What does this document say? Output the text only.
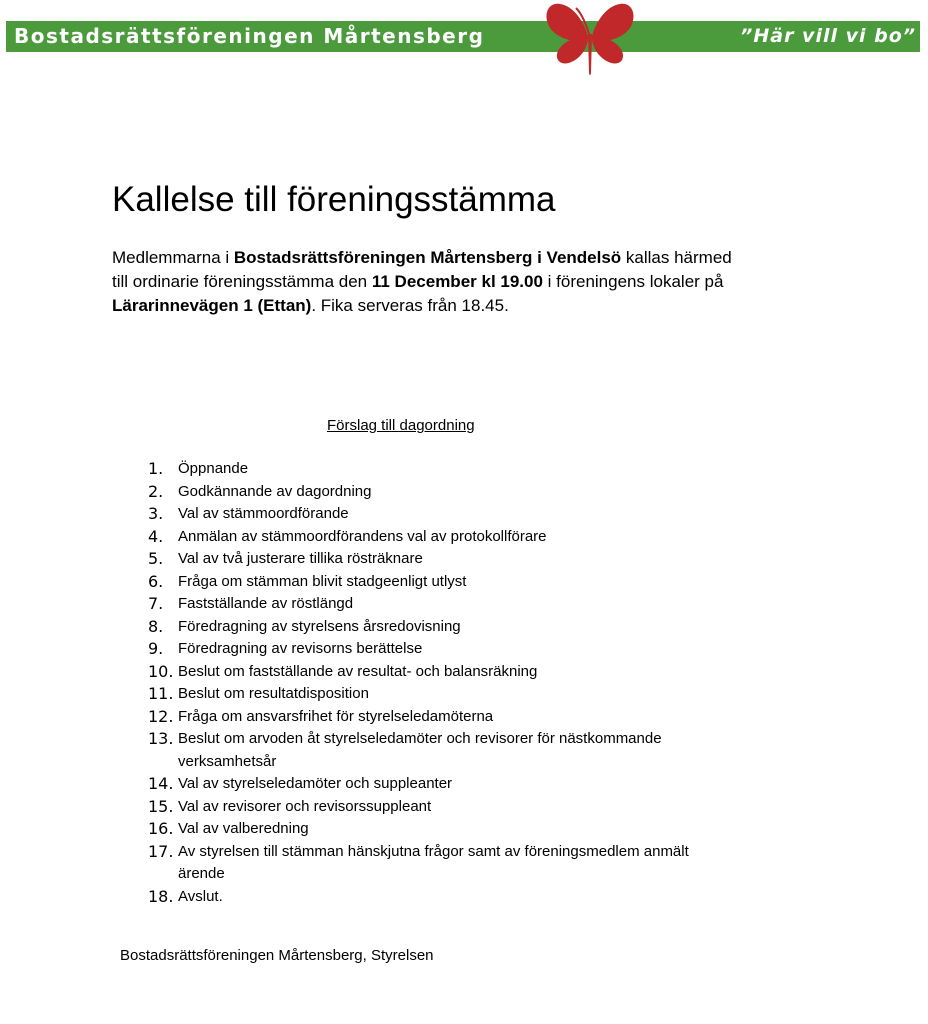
Bostadsrättsföreningen Mårtensberg	”Här vill vi bo”
Kallelse till föreningsstämma

Medlemmarna i Bostadsrättsföreningen Mårtensberg i Vendelsö kallas härmed till ordinarie föreningsstämma den 11 December kl 19.00 i föreningens lokaler på Lärarinnevägen 1 (Ettan). Fika serveras från 18.45.

Förslag till dagordning
1. Öppnande
2. Godkännande av dagordning
3. Val av stämmoordförande
4. Anmälan av stämmoordförandens val av protokollförare
5. Val av två justerare tillika rösträknare
6. Fråga om stämman blivit stadgeenligt utlyst
7. Fastställande av röstlängd
8. Föredragning av styrelsens årsredovisning
9. Föredragning av revisorns berättelse
10. Beslut om fastställande av resultat- och balansräkning
11. Beslut om resultatdisposition
12. Fråga om ansvarsfrihet för styrelseledamöterna
13. Beslut om arvoden åt styrelseledamöter och revisorer för nästkommande verksamhetsår
14. Val av styrelseledamöter och suppleanter
15. Val av revisorer och revisorssuppleant
16. Val av valberedning
17. Av styrelsen till stämman hänskjutna frågor samt av föreningsmedlem anmält ärende
18. Avslut.
Bostadsrättsföreningen Mårtensberg, Styrelsen
